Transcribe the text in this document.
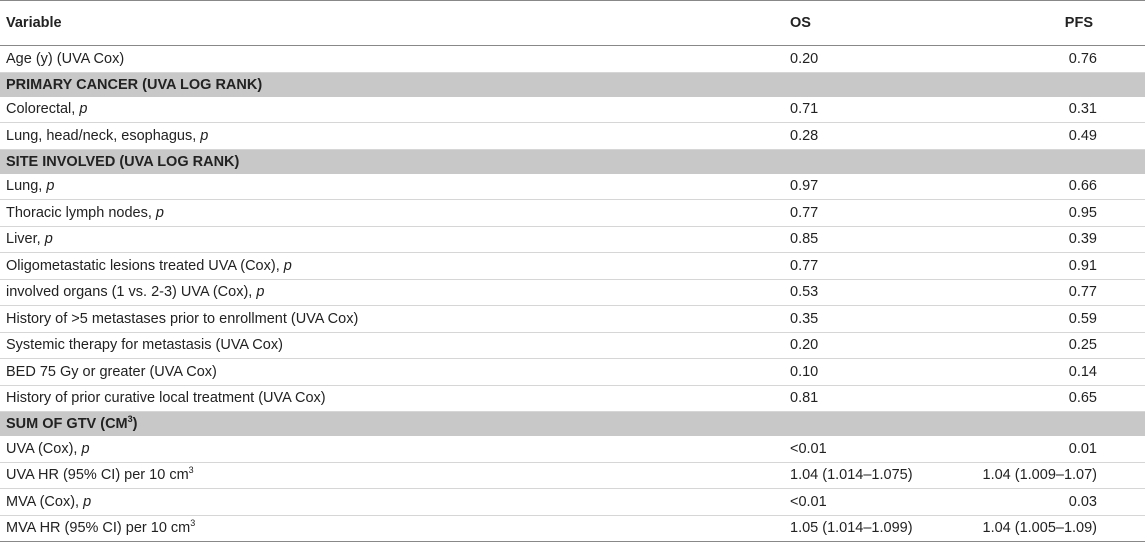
Variable	OS	PFS
Age (y) (UVA Cox)	0.20	0.76
PRIMARY CANCER (UVA LOG RANK)		
Colorectal, p	0.71	0.31
Lung, head/neck, esophagus, p	0.28	0.49
SITE INVOLVED (UVA LOG RANK)		
Lung, p	0.97	0.66
Thoracic lymph nodes, p	0.77	0.95
Liver, p	0.85	0.39
Oligometastatic lesions treated UVA (Cox), p	0.77	0.91
involved organs (1 vs. 2-3) UVA (Cox), p	0.53	0.77
History of >5 metastases prior to enrollment (UVA Cox)	0.35	0.59
Systemic therapy for metastasis (UVA Cox)	0.20	0.25
BED 75 Gy or greater (UVA Cox)	0.10	0.14
History of prior curative local treatment (UVA Cox)	0.81	0.65
SUM OF GTV $(CM^3)$		
UVA (Cox), p	<0.01	0.01
UVA HR (95% CI) per 10 $cm^3$	1.04 (1.014–1.075)	1.04 (1.009–1.07)
MVA (Cox), p	<0.01	0.03
MVA HR (95% CI) per 10 $cm^3$	1.05 (1.014–1.099)	1.04 (1.005–1.09)
